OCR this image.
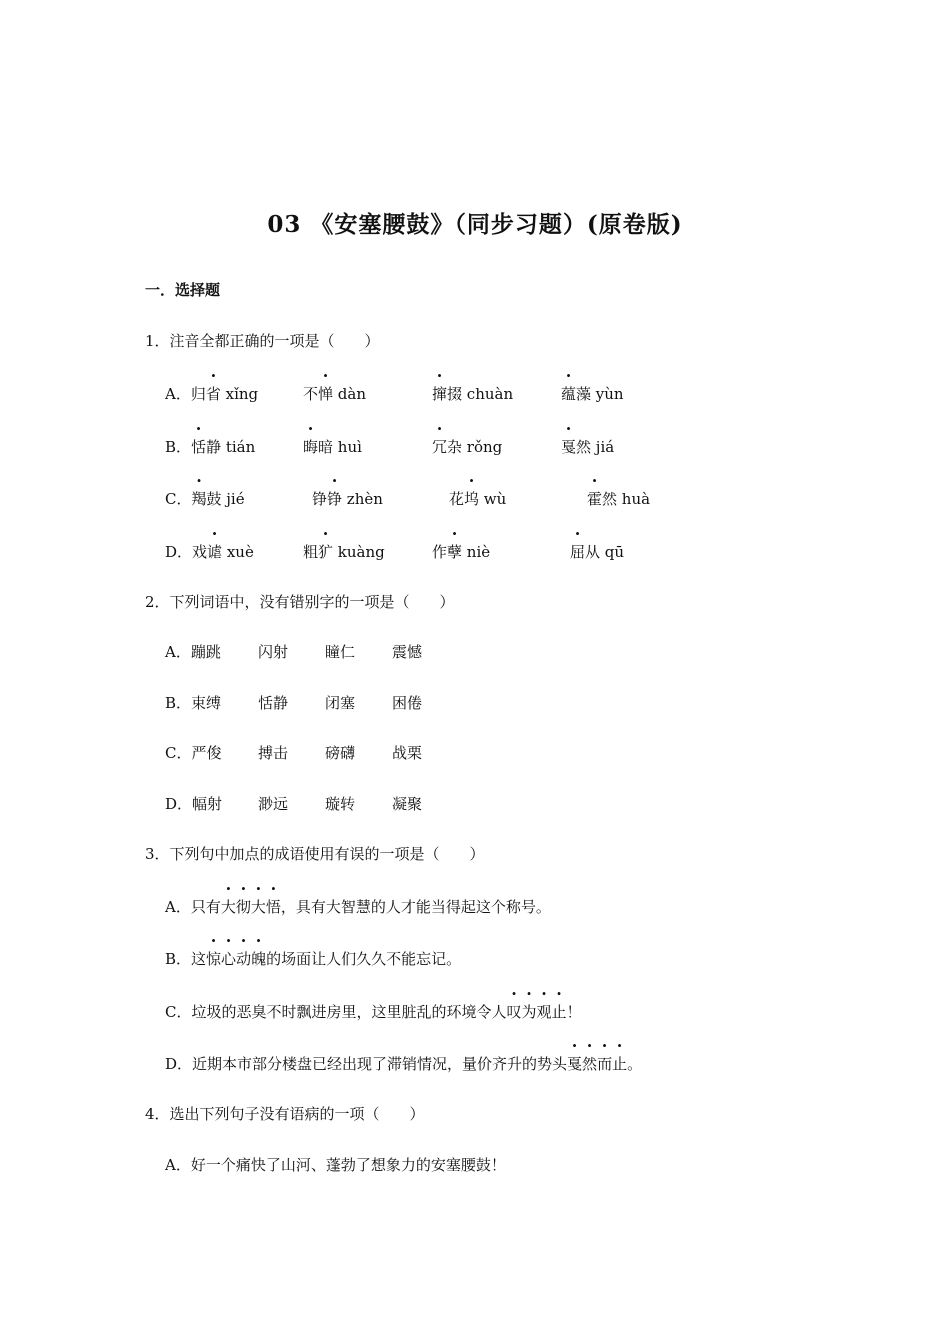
03 《安塞腰鼓》（同步习题）(原卷版)
一．选择题
1．注音全都正确的一项是（　　）
A．归省 xǐng	不惮 dàn	撺掇 chuàn	蕴藻 yùn
B．恬静 tián	晦暗 huì	冗杂 rǒng	戛然 jiá
C．羯鼓 jié	铮铮 zhèn	花坞 wù	霍然 huà
D．戏谑 xuè	粗犷 kuàng	作孽 niè	屈从 qū
2．下列词语中，没有错别字的一项是（　　）
A．蹦跳 闪射 瞳仁 震憾
B．束缚 恬静 闭塞 困倦
C．严俊 搏击 磅礴 战栗
D．幅射 渺远 璇转 凝聚
3．下列句中加点的成语使用有误的一项是（　　）
A．只有大彻大悟，具有大智慧的人才能当得起这个称号。
B．这惊心动魄的场面让人们久久不能忘记。
C．垃圾的恶臭不时飘进房里，这里脏乱的环境令人叹为观止！
D．近期本市部分楼盘已经出现了滞销情况，量价齐升的势头戛然而止。
4．选出下列句子没有语病的一项（　　）
A．好一个痛快了山河、蓬勃了想象力的安塞腰鼓！
